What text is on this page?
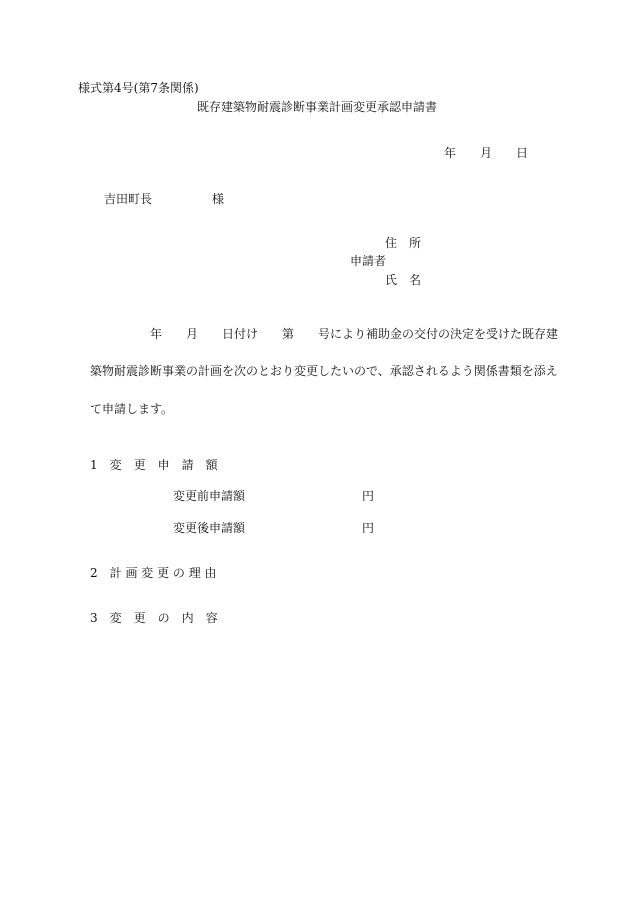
様式第4号(第7条関係)

既存建築物耐震診断事業計画変更承認申請書

年　　月　　日

吉田町長　　　　　様

住　所

申請者

氏　名

年　　月　　日付け　　第　　号により補助金の交付の決定を受けた既存建

築物耐震診断事業の計画を次のとおり変更したいので、承認されるよう関係書類を添え

て申請します。

1　変　更　申　請　額

変更前申請額	円

変更後申請額	円

2　計 画 変 更 の 理 由

3　変　更　の　内　容
